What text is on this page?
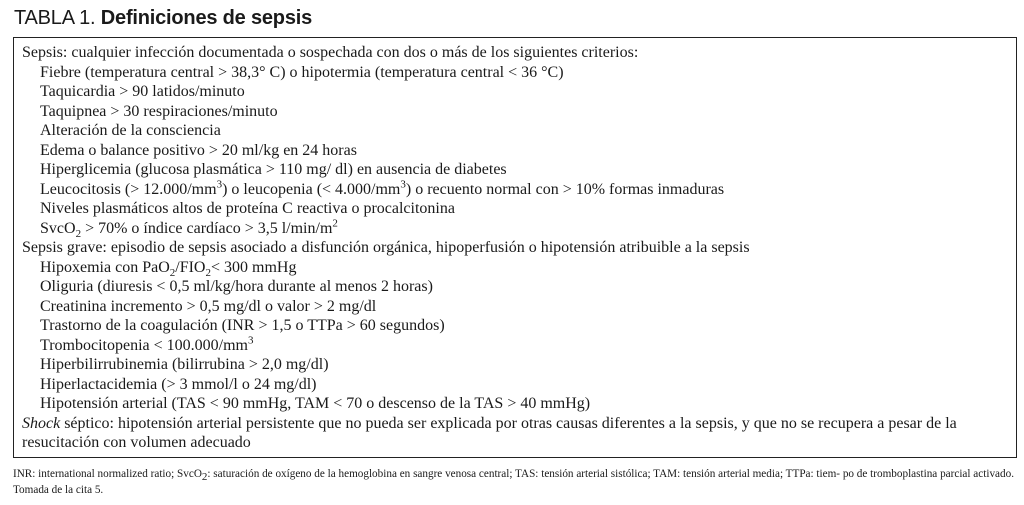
TABLA 1. Definiciones de sepsis
Sepsis: cualquier infección documentada o sospechada con dos o más de los siguientes criterios:
Fiebre (temperatura central > 38,3° C) o hipotermia (temperatura central < 36 °C)
Taquicardia > 90 latidos/minuto
Taquipnea > 30 respiraciones/minuto
Alteración de la consciencia
Edema o balance positivo > 20 ml/kg en 24 horas
Hiperglicemia (glucosa plasmática > 110 mg/ dl) en ausencia de diabetes
Leucocitosis (> $12.000/mm^3$) o leucopenia (< $4.000/mm^3$) o recuento normal con > 10% formas inmaduras
Niveles plasmáticos altos de proteína C reactiva o procalcitonina
SvcO$_2$ > 70% o índice cardíaco > 3,5 $l/\min/m^2$
Sepsis grave: episodio de sepsis asociado a disfunción orgánica, hipoperfusión o hipotensión atribuible a la sepsis
Hipoxemia con $PaO_2/FIO_2< 300$ mmHg
Oliguria (diuresis < 0,5 ml/kg/hora durante al menos 2 horas)
Creatinina incremento > 0,5 mg/dl o valor > 2 mg/dl
Trastorno de la coagulación (INR > 1,5 o TTPa > 60 segundos)
Trombocitopenia < $100.000/mm^3$
Hiperbilirrubinemia (bilirrubina > 2,0 mg/dl)
Hiperlactacidemia (> 3 mmol/l o 24 mg/dl)
Hipotensión arterial (TAS < 90 mmHg, TAM < 70 o descenso de la TAS > 40 mmHg)
Shock séptico: hipotensión arterial persistente que no pueda ser explicada por otras causas diferentes a la sepsis, y que no se recupera a pesar de la resucitación con volumen adecuado
INR: international normalized ratio; SvcO$_2$: saturación de oxígeno de la hemoglobina en sangre venosa central; TAS: tensión arterial sistólica; TAM: tensión arterial media; TTPa: tiem- po de tromboplastina parcial activado. Tomada de la cita 5.
